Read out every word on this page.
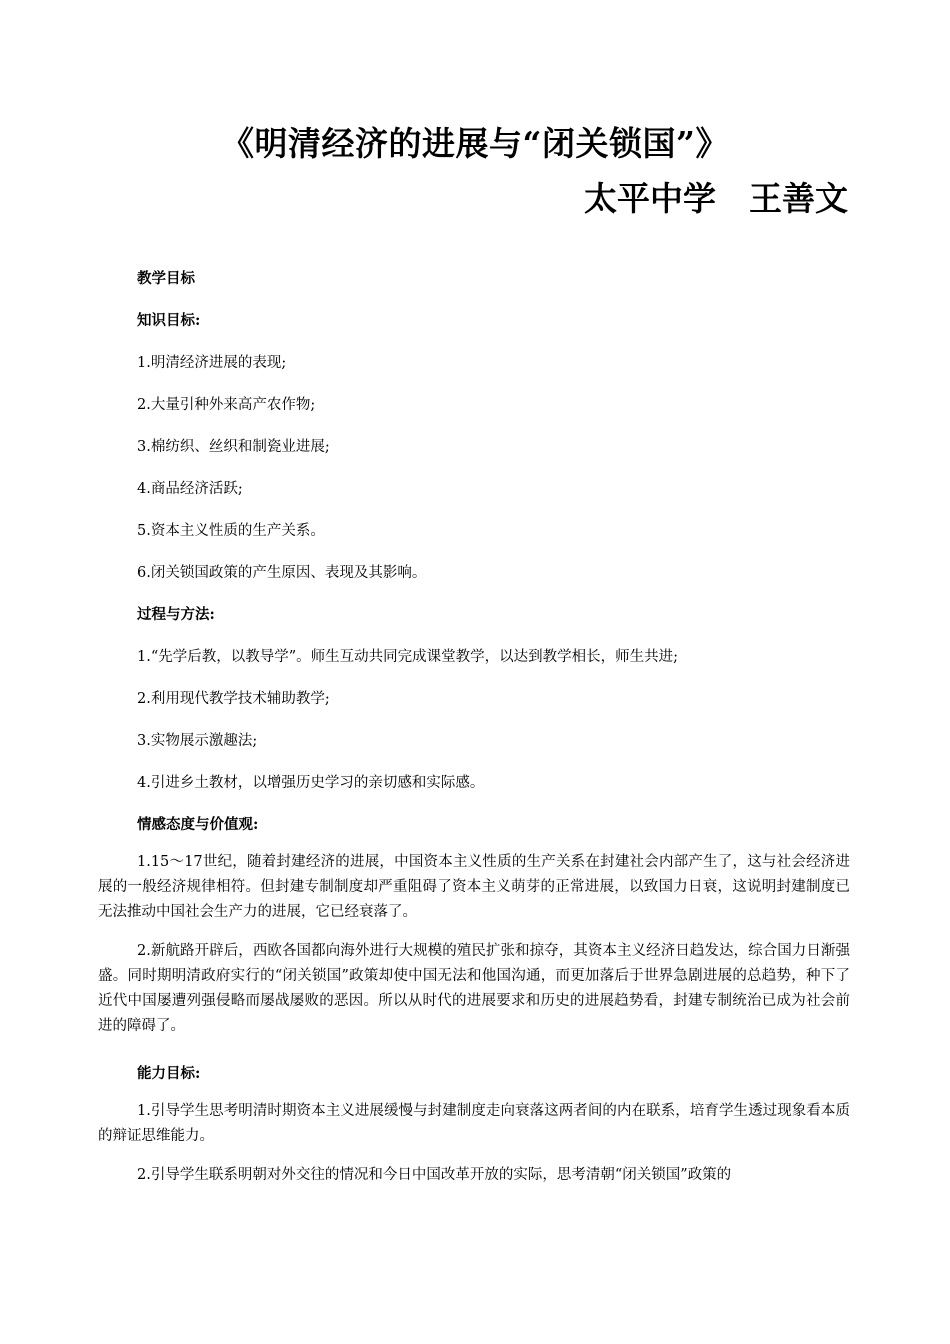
《明清经济的进展与“闭关锁国”》
太平中学　王善文

教学目标

知识目标:

1.明清经济进展的表现;

2.大量引种外来高产农作物;

3.棉纺织、丝织和制瓷业进展;

4.商品经济活跃;

5.资本主义性质的生产关系。

6.闭关锁国政策的产生原因、表现及其影响。

过程与方法:

1.“先学后教，以教导学”。师生互动共同完成课堂教学，以达到教学相长，师生共进;

2.利用现代教学技术辅助教学;

3.实物展示激趣法;

4.引进乡土教材，以增强历史学习的亲切感和实际感。

情感态度与价值观:

1.15～17世纪，随着封建经济的进展，中国资本主义性质的生产关系在封建社会内部产生了，这与社会经济进展的一般经济规律相符。但封建专制制度却严重阻碍了资本主义萌芽的正常进展，以致国力日衰，这说明封建制度已无法推动中国社会生产力的进展，它已经衰落了。

2.新航路开辟后，西欧各国都向海外进行大规模的殖民扩张和掠夺，其资本主义经济日趋发达，综合国力日渐强盛。同时期明清政府实行的“闭关锁国”政策却使中国无法和他国沟通，而更加落后于世界急剧进展的总趋势，种下了近代中国屡遭列强侵略而屡战屡败的恶因。所以从时代的进展要求和历史的进展趋势看，封建专制统治已成为社会前进的障碍了。

能力目标:

1.引导学生思考明清时期资本主义进展缓慢与封建制度走向衰落这两者间的内在联系，培育学生透过现象看本质的辩证思维能力。

2.引导学生联系明朝对外交往的情况和今日中国改革开放的实际，思考清朝“闭关锁国”政策的
